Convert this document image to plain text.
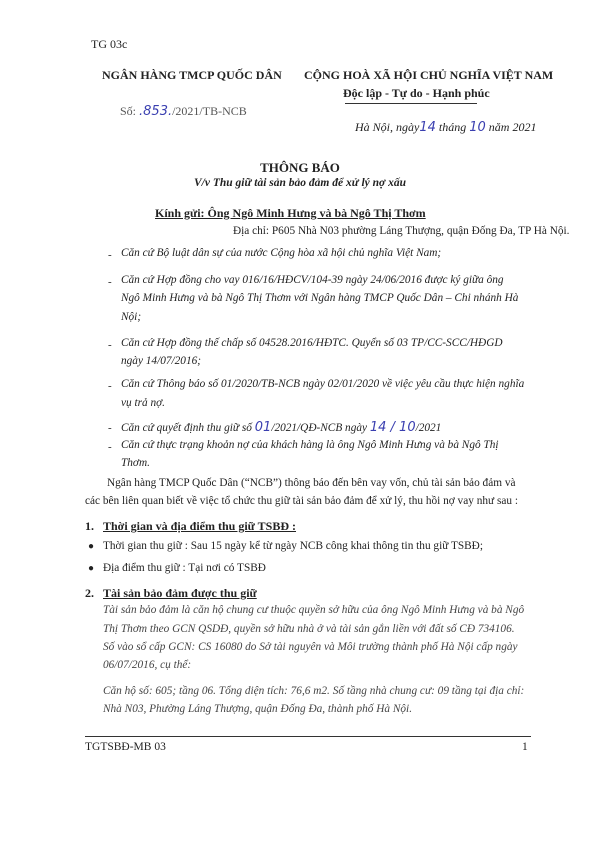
TG 03c
NGÂN HÀNG TMCP QUỐC DÂN
Số: .853./2021/TB-NCB
CỘNG HOÀ XÃ HỘI CHỦ NGHĨA VIỆT NAM
Độc lập - Tự do - Hạnh phúc
Hà Nội, ngày14 tháng 10 năm 2021
THÔNG BÁO
V/v Thu giữ tài sản bảo đảm để xử lý nợ xấu
Kính gửi: Ông Ngô Minh Hưng và bà Ngô Thị Thơm
Địa chỉ: P605 Nhà N03 phường Láng Thượng, quận Đống Đa, TP Hà Nội.
- Căn cứ Bộ luật dân sự của nước Cộng hòa xã hội chủ nghĩa Việt Nam;
- Căn cứ Hợp đồng cho vay 016/16/HĐCV/104-39 ngày 24/06/2016 được ký giữa ông
Ngô Minh Hưng và bà Ngô Thị Thơm với Ngân hàng TMCP Quốc Dân – Chi nhánh Hà
Nội;
- Căn cứ Hợp đồng thế chấp số 04528.2016/HĐTC. Quyển số 03 TP/CC-SCC/HĐGD
ngày 14/07/2016;
- Căn cứ Thông báo số 01/2020/TB-NCB ngày 02/01/2020 về việc yêu cầu thực hiện nghĩa
vụ trả nợ.
- Căn cứ quyết định thu giữ số 01/2021/QĐ-NCB ngày 14 / 10/2021
- Căn cứ thực trạng khoản nợ của khách hàng là ông Ngô Minh Hưng và bà Ngô Thị
Thơm.
Ngân hàng TMCP Quốc Dân (“NCB”) thông báo đến bên vay vốn, chủ tài sản bảo đảm và
các bên liên quan biết về việc tổ chức thu giữ tài sản bảo đảm để xử lý, thu hồi nợ vay như sau :
1. Thời gian và địa điểm thu giữ TSBĐ :
● Thời gian thu giữ : Sau 15 ngày kể từ ngày NCB công khai thông tin thu giữ TSBĐ;
● Địa điểm thu giữ : Tại nơi có TSBĐ
2. Tài sản bảo đảm được thu giữ
Tài sản bảo đảm là căn hộ chung cư thuộc quyền sở hữu của ông Ngô Minh Hưng và bà Ngô
Thị Thơm theo GCN QSDĐ, quyền sở hữu nhà ở và tài sản gắn liền với đất số CĐ 734106.
Số vào sổ cấp GCN: CS 16080 do Sở tài nguyên và Môi trường thành phố Hà Nội cấp ngày
06/07/2016, cụ thể:
Căn hộ số: 605; tầng 06. Tổng diện tích: 76,6 m2. Số tầng nhà chung cư: 09 tầng tại địa chỉ:
Nhà N03, Phường Láng Thượng, quận Đống Đa, thành phố Hà Nội.
TGTSBĐ-MB 03	1
